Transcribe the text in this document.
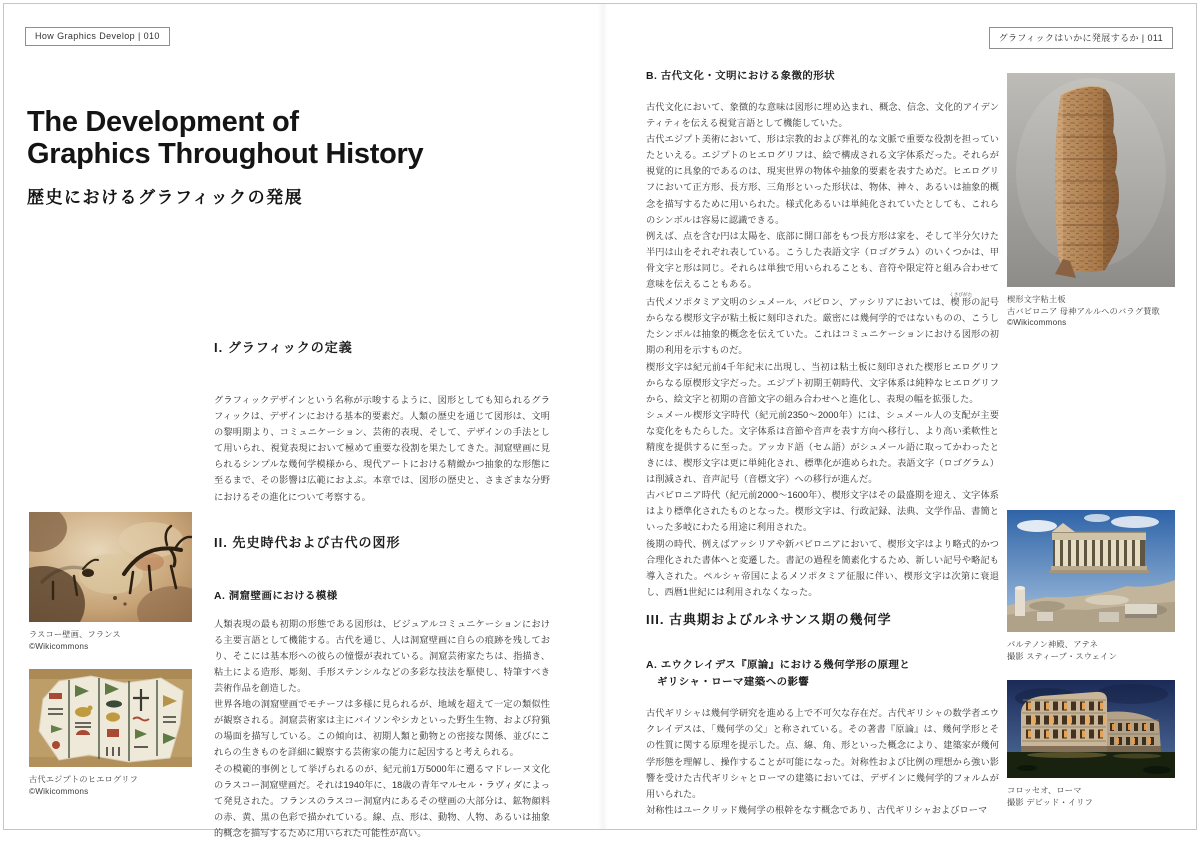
How Graphics Develop | 010	グラフィックはいかに発展するか | 011
The Development of
Graphics Throughout History
歴史におけるグラフィックの発展
I. グラフィックの定義

グラフィックデザインという名称が示唆するように、図形としても知られるグラフィックは、デザインにおける基本的要素だ。人類の歴史を通じて図形は、文明の黎明期より、コミュニケーション、芸術的表現、そして、デザインの手法として用いられ、視覚表現において極めて重要な役割を果たしてきた。洞窟壁画に見られるシンプルな幾何学模様から、現代アートにおける精緻かつ抽象的な形態に至るまで、その影響は広範におよぶ。本章では、図形の歴史と、さまざまな分野におけるその進化について考察する。

II. 先史時代および古代の図形
A. 洞窟壁画における模様

人類表現の最も初期の形態である図形は、ビジュアルコミュニケーションにおける主要言語として機能する。古代を通じ、人は洞窟壁画に自らの痕跡を残しており、そこには基本形への彼らの憧憬が表れている。洞窟芸術家たちは、指描き、粘土による造形、彫刻、手形ステンシルなどの多彩な技法を駆使し、特筆すべき芸術作品を創造した。

世界各地の洞窟壁画でモチーフは多様に見られるが、地域を超えて一定の類似性が観察される。洞窟芸術家は主にバイソンやシカといった野生生物、および狩猟の場面を描写している。この傾向は、初期人類と動物との密接な関係、並びにこれらの生きものを詳細に観察する芸術家の能力に起因すると考えられる。

その模範的事例として挙げられるのが、紀元前1万5000年に遡るマドレーヌ文化のラスコー洞窟壁画だ。それは1940年に、18歳の青年マルセル・ラヴィダによって発見された。フランスのラスコー洞窟内にあるその壁画の大部分は、鉱物顔料の赤、黄、黒の色彩で描かれている。線、点、形は、動物、人物、あるいは抽象的概念を描写するために用いられた可能性が高い。

ラスコー壁画、フランス
©Wikicommons
古代エジプトのヒエログリフ
©Wikicommons
B. 古代文化・文明における象徴的形状

古代文化において、象徴的な意味は図形に埋め込まれ、概念、信念、文化的アイデンティティを伝える視覚言語として機能していた。

古代エジプト美術において、形は宗教的および葬礼的な文脈で重要な役割を担っていたといえる。エジプトのヒエログリフは、絵で構成される文字体系だった。それらが視覚的に具象的であるのは、現実世界の物体や抽象的要素を表すためだ。ヒエログリフにおいて正方形、長方形、三角形といった形状は、物体、神々、あるいは抽象的概念を描写するために用いられた。様式化あるいは単純化されていたとしても、これらのシンボルは容易に認識できる。

例えば、点を含む円は太陽を、底部に開口部をもつ長方形は家を、そして半分欠けた半円は山をそれぞれ表している。こうした表語文字（ロゴグラム）のいくつかは、甲骨文字と形は同じ。それらは単独で用いられることも、音符や限定符と組み合わせて意味を伝えることもある。

古代メソポタミア文明のシュメール、バビロン、アッシリアにおいては、楔形くさびがたの記号からなる楔形文字が粘土板に刻印された。厳密には幾何学的ではないものの、こうしたシンボルは抽象的概念を伝えていた。これはコミュニケーションにおける図形の初期の利用を示すものだ。

楔形文字は紀元前4千年紀末に出現し、当初は粘土板に刻印された楔形ヒエログリフからなる原楔形文字だった。エジプト初期王朝時代、文字体系は純粋なヒエログリフから、絵文字と初期の音節文字の組み合わせへと進化し、表現の幅を拡張した。

シュメール楔形文字時代（紀元前2350〜2000年）には、シュメール人の支配が主要な変化をもたらした。文字体系は音節や音声を表す方向へ移行し、より高い柔軟性と精度を提供するに至った。アッカド語（セム語）がシュメール語に取ってかわったときには、楔形文字は更に単純化され、標準化が進められた。表語文字（ロゴグラム）は削減され、音声記号（音標文字）への移行が進んだ。

古バビロニア時代（紀元前2000〜1600年）、楔形文字はその最盛期を迎え、文字体系はより標準化されたものとなった。楔形文字は、行政記録、法典、文学作品、書簡といった多岐にわたる用途に利用された。

後期の時代、例えばアッシリアや新バビロニアにおいて、楔形文字はより略式的かつ合理化された書体へと変遷した。書記の過程を簡素化するため、新しい記号や略記も導入された。ペルシャ帝国によるメソポタミア征服に伴い、楔形文字は次第に衰退し、西暦1世紀には利用されなくなった。

III. 古典期およびルネサンス期の幾何学
A. エウクレイデス『原論』における幾何学形の原理と
ギリシャ・ローマ建築への影響

古代ギリシャは幾何学研究を進める上で不可欠な存在だ。古代ギリシャの数学者エウクレイデスは、「幾何学の父」と称されている。その著書『原論』は、幾何学形とその性質に関する原理を提示した。点、線、角、形といった概念により、建築家が幾何学形態を理解し、操作することが可能になった。対称性および比例の理想から強い影響を受けた古代ギリシャとローマの建築においては、デザインに幾何学的フォルムが用いられた。

対称性はユークリッド幾何学の根幹をなす概念であり、古代ギリシャおよびローマ

楔形文字粘土板
古バビロニア 母神アルルへのバラグ賛歌
©Wikicommons
パルテノン神殿、アテネ
撮影 スティーブ・スウェイン
コロッセオ、ローマ
撮影 デビッド・イリフ
